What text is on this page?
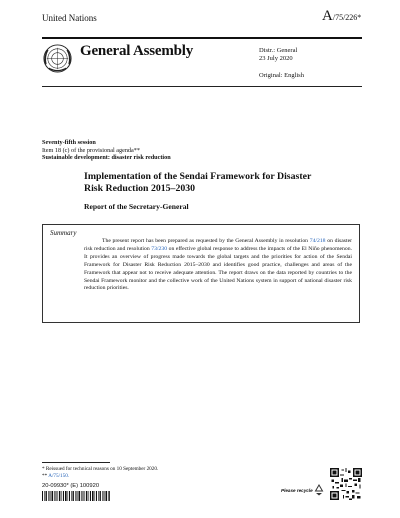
United Nations	A/75/226*
General Assembly	Distr.: General
23 July 2020
Original: English
Seventy-fifth session
Item 18 (c) of the provisional agenda**
Sustainable development: disaster risk reduction
Implementation of the Sendai Framework for Disaster Risk Reduction 2015–2030
Report of the Secretary-General
Summary
The present report has been prepared as requested by the General Assembly in resolution 74/218 on disaster risk reduction and resolution 73/230 on effective global response to address the impacts of the El Niño phenomenon. It provides an overview of progress made towards the global targets and the priorities for action of the Sendai Framework for Disaster Risk Reduction 2015–2030 and identifies good practice, challenges and areas of the Framework that appear not to receive adequate attention. The report draws on the data reported by countries to the Sendai Framework monitor and the collective work of the United Nations system in support of national disaster risk reduction priorities.
* Reissued for technical reasons on 10 September 2020.
** A/75/150.
20-09930* (E) 100920
Please recycle
